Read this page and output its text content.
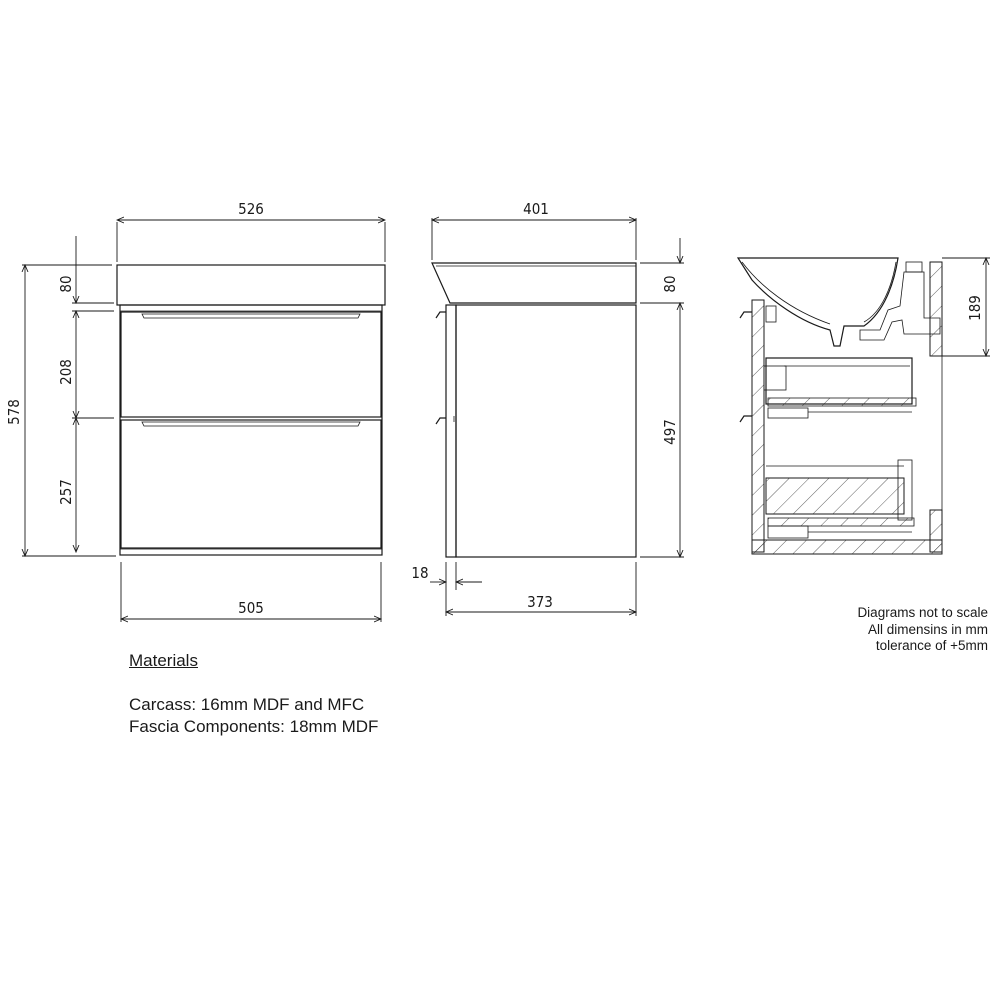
526
505
578
80
208
257
401
80
497
18
373
189
Materials
Carcass: 16mm MDF and MFC
Fascia Components: 18mm MDF
Diagrams not to scale
All dimensins in mm
tolerance of +5mm
